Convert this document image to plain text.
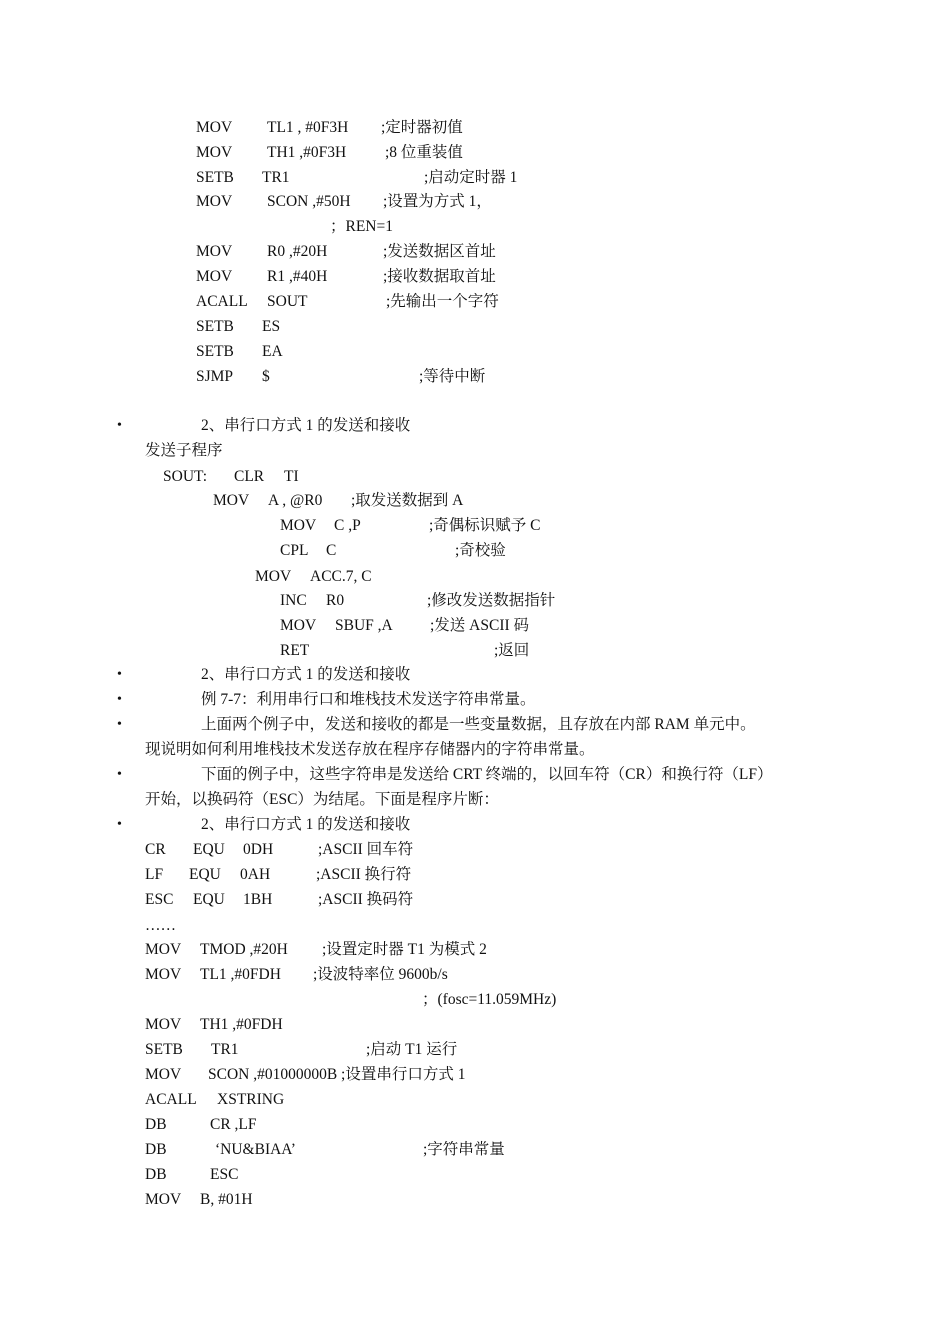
MOV TL1 , #0F3H ;定时器初值
MOV TH1 ,#0F3H	;8 位重装值
SETB TR1	;启动定时器 1
MOV SCON ,#50H ;设置为方式 1，
；REN=1
MOV R0 ,#20H	;发送数据区首址
MOV R1 ,#40H	;接收数据取首址
ACALL SOUT	;先输出一个字符
SETB ES
SETB EA
SJMP $	;等待中断
•	2、串行口方式 1 的发送和接收
发送子程序
SOUT: CLR TI
MOV A , @R0 ;取发送数据到 A
MOV C ,P	;奇偶标识赋予 C
CPL C	;奇校验
MOV ACC.7, C
INC R0	;修改发送数据指针
MOV SBUF ,A ;发送 ASCII 码
RET	;返回
•	2、串行口方式 1 的发送和接收
•	例 7-7：利用串行口和堆栈技术发送字符串常量。
•	上面两个例子中，发送和接收的都是一些变量数据，且存放在内部 RAM 单元中。
现说明如何利用堆栈技术发送存放在程序存储器内的字符串常量。
•	下面的例子中，这些字符串是发送给 CRT 终端的，以回车符（CR）和换行符（LF）
开始，以换码符（ESC）为结尾。下面是程序片断：
•	2、串行口方式 1 的发送和接收
CR EQU 0DH	;ASCII 回车符
LF EQU 0AH	;ASCII 换行符
ESC EQU 1BH	;ASCII 换码符
……
MOV TMOD ,#20H ;设置定时器 T1 为模式 2
MOV TL1 ,#0FDH ;设波特率位 9600b/s
；(fosc=11.059MHz)
MOV TH1 ,#0FDH
SETB TR1	;启动 T1 运行
MOV SCON ,#01000000B ;设置串行口方式 1
ACALL XSTRING
DB	CR ,LF
DB	‘NU&BIAA’	;字符串常量
DB	ESC
MOV B, #01H
